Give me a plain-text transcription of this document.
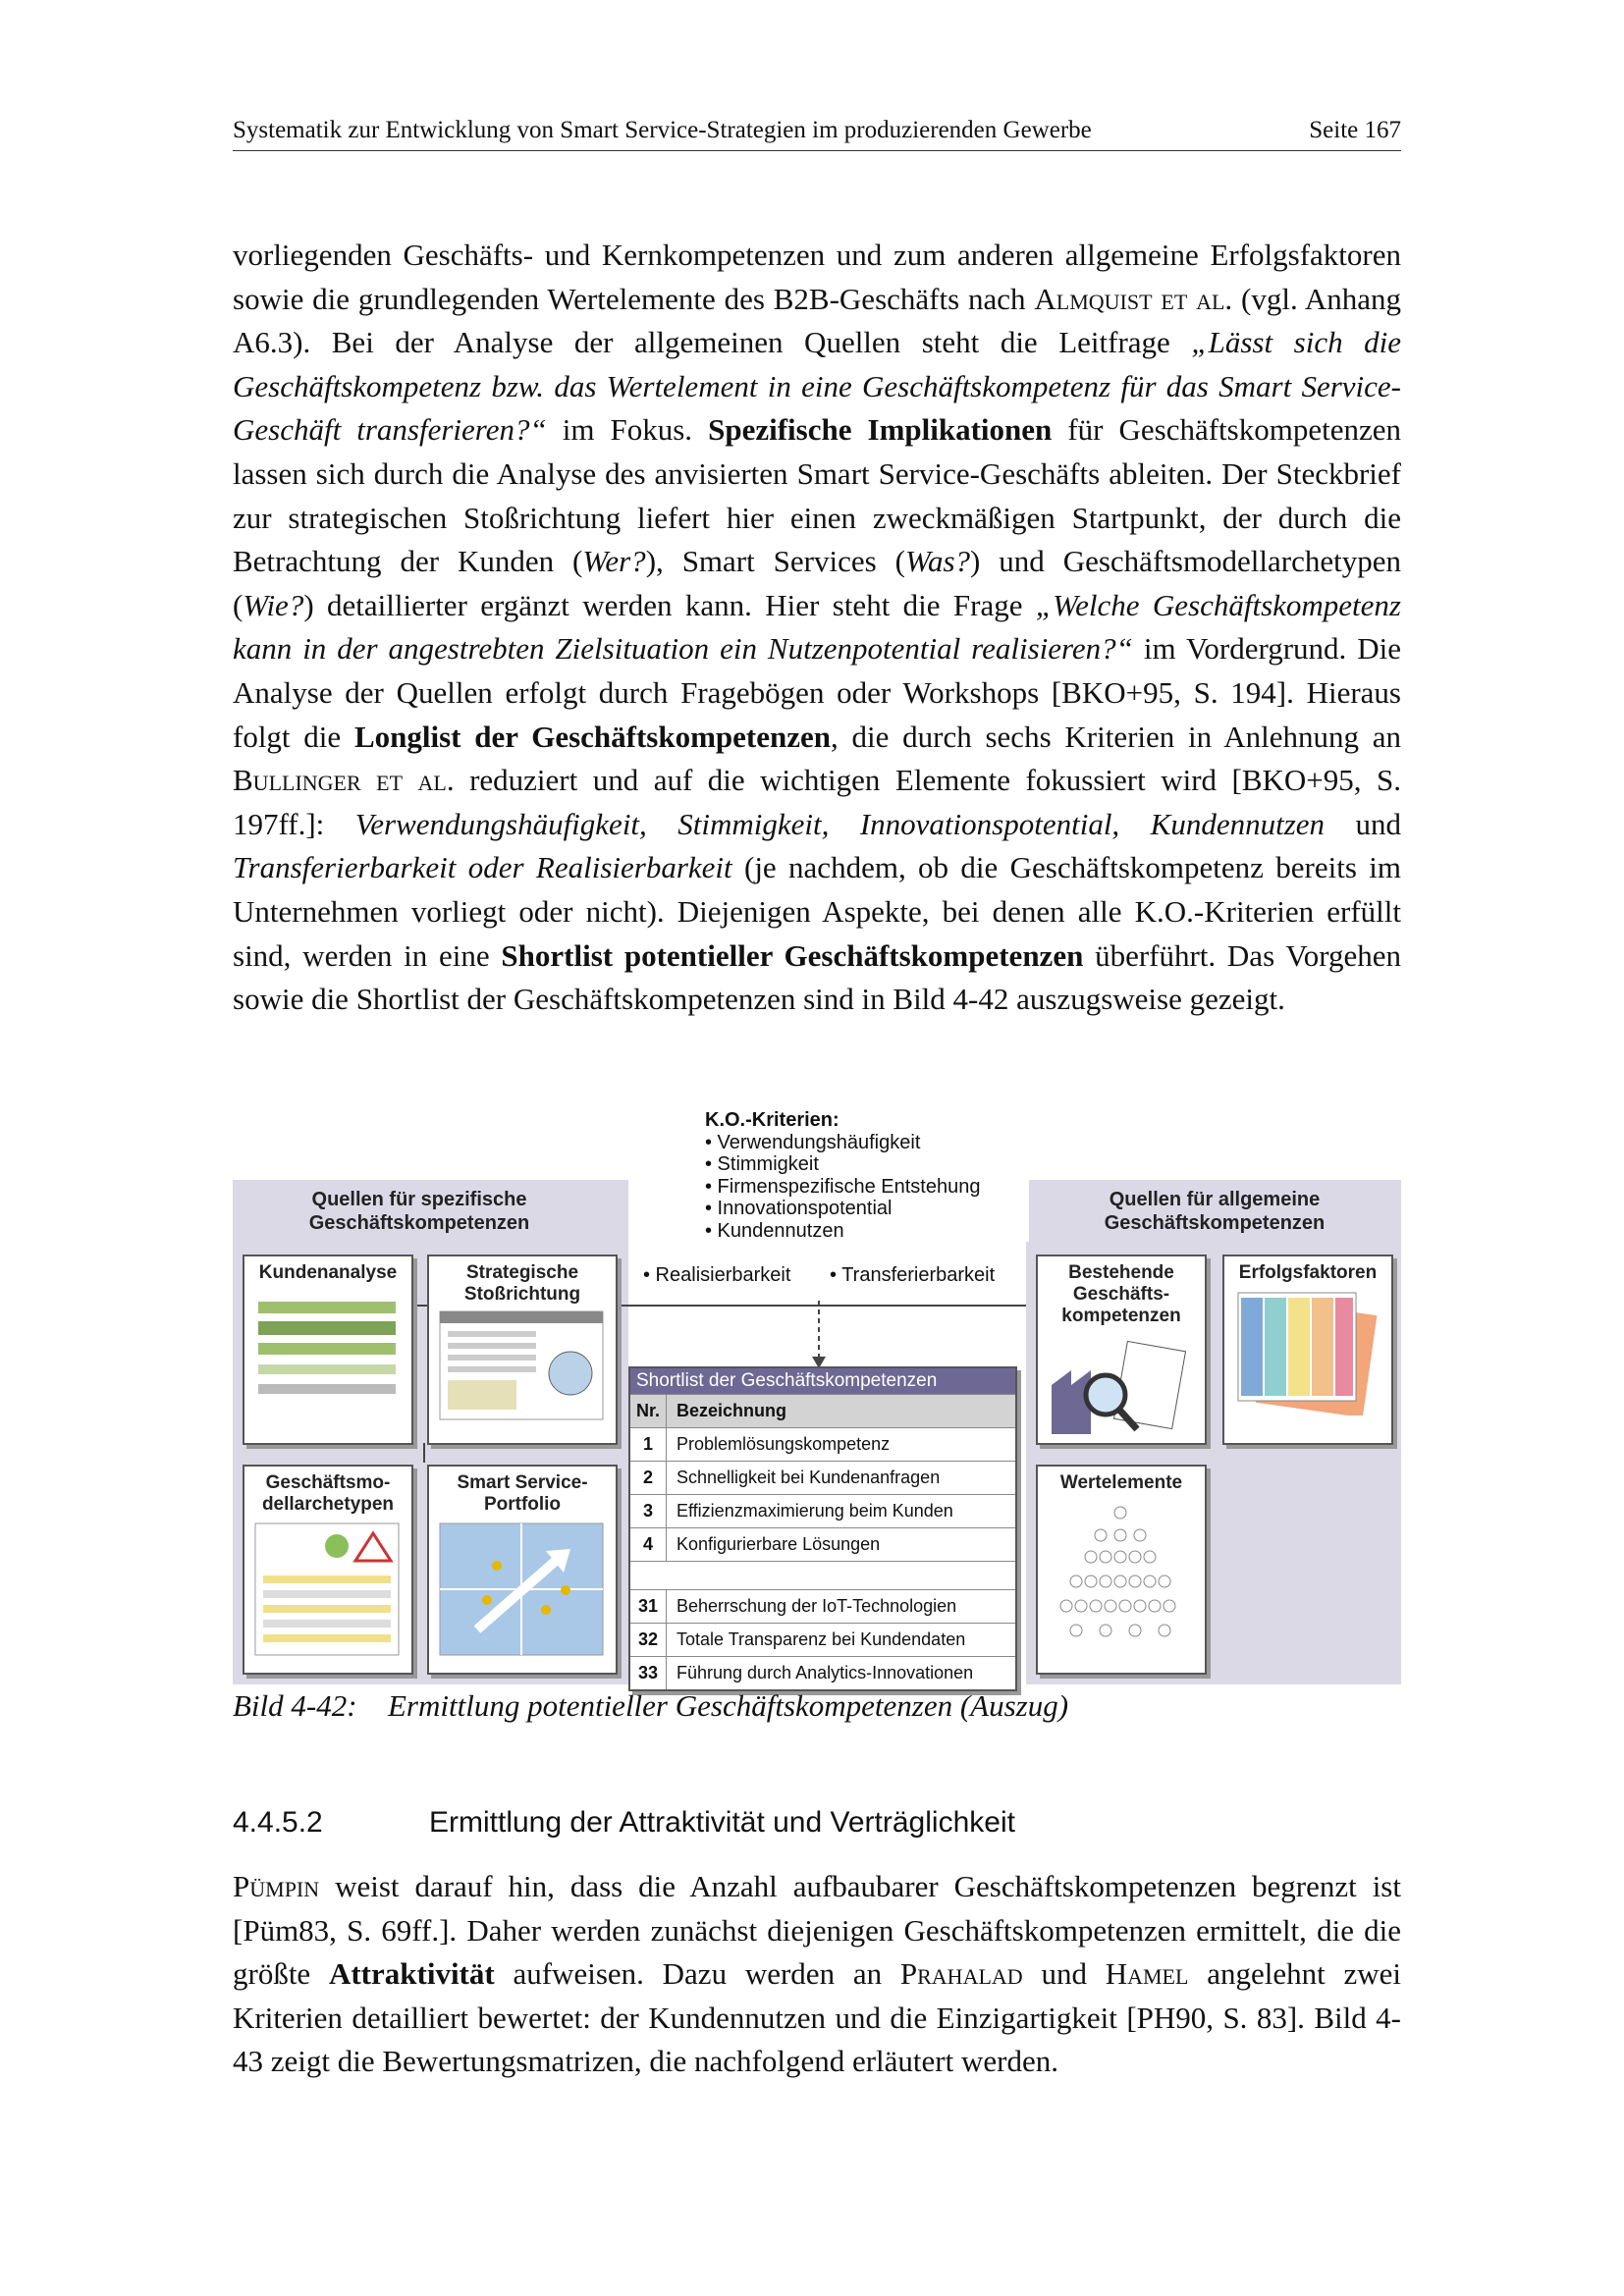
Systematik zur Entwicklung von Smart Service-Strategien im produzierenden Gewerbe	Seite 167

vorliegenden Geschäfts- und Kernkompetenzen und zum anderen allgemeine Erfolgsfaktoren sowie die grundlegenden Wertelemente des B2B-Geschäfts nach Almquist et al. (vgl. Anhang A6.3). Bei der Analyse der allgemeinen Quellen steht die Leitfrage „Lässt sich die Geschäftskompetenz bzw. das Wertelement in eine Geschäftskompetenz für das Smart Service-Geschäft transferieren?“ im Fokus. Spezifische Implikationen für Geschäftskompetenzen lassen sich durch die Analyse des anvisierten Smart Service-Geschäfts ableiten. Der Steckbrief zur strategischen Stoßrichtung liefert hier einen zweckmäßigen Startpunkt, der durch die Betrachtung der Kunden (Wer?), Smart Services (Was?) und Geschäftsmodellarchetypen (Wie?) detaillierter ergänzt werden kann. Hier steht die Frage „Welche Geschäftskompetenz kann in der angestrebten Zielsituation ein Nutzenpotential realisieren?“ im Vordergrund. Die Analyse der Quellen erfolgt durch Fragebögen oder Workshops [BKO+95, S. 194]. Hieraus folgt die Longlist der Geschäftskompetenzen, die durch sechs Kriterien in Anlehnung an Bullinger et al. reduziert und auf die wichtigen Elemente fokussiert wird [BKO+95, S. 197ff.]: Verwendungshäufigkeit, Stimmigkeit, Innovationspotential, Kundennutzen und Transferierbarkeit oder Realisierbarkeit (je nachdem, ob die Geschäftskompetenz bereits im Unternehmen vorliegt oder nicht). Diejenigen Aspekte, bei denen alle K.O.-Kriterien erfüllt sind, werden in eine Shortlist potentieller Geschäftskompetenzen überführt. Das Vorgehen sowie die Shortlist der Geschäftskompetenzen sind in Bild 4-42 auszugsweise gezeigt.

Quellen für spezifische Geschäftskompetenzen
Quellen für allgemeine Geschäftskompetenzen
Kundenanalyse	Strategische Stoßrichtung
Geschäftsmo-dellarchetypen
Smart Service-Portfolio
Bestehende Geschäfts-kompetenzen
Erfolgsfaktoren
Wertelemente
K.O.-Kriterien:
• Verwendungshäufigkeit
• Stimmigkeit
• Firmenspezifische Entstehung
• Innovationspotential
• Kundennutzen
• Realisierbarkeit • Transferierbarkeit
Shortlist der Geschäftskompetenzen
Nr. Bezeichnung
1	Problemlösungskompetenz
2	Schnelligkeit bei Kundenanfragen
3	Effizienzmaximierung beim Kunden
4	Konfigurierbare Lösungen
31	Beherrschung der IoT-Technologien
32	Totale Transparenz bei Kundendaten
33	Führung durch Analytics-Innovationen
Bild 4-42: Ermittlung potentieller Geschäftskompetenzen (Auszug)
4.4.5.2	Ermittlung der Attraktivität und Verträglichkeit

Pümpin weist darauf hin, dass die Anzahl aufbaubarer Geschäftskompetenzen begrenzt ist [Püm83, S. 69ff.]. Daher werden zunächst diejenigen Geschäftskompetenzen ermittelt, die die größte Attraktivität aufweisen. Dazu werden an Prahalad und Hamel angelehnt zwei Kriterien detailliert bewertet: der Kundennutzen und die Einzigartigkeit [PH90, S. 83]. Bild 4-43 zeigt die Bewertungsmatrizen, die nachfolgend erläutert werden.
